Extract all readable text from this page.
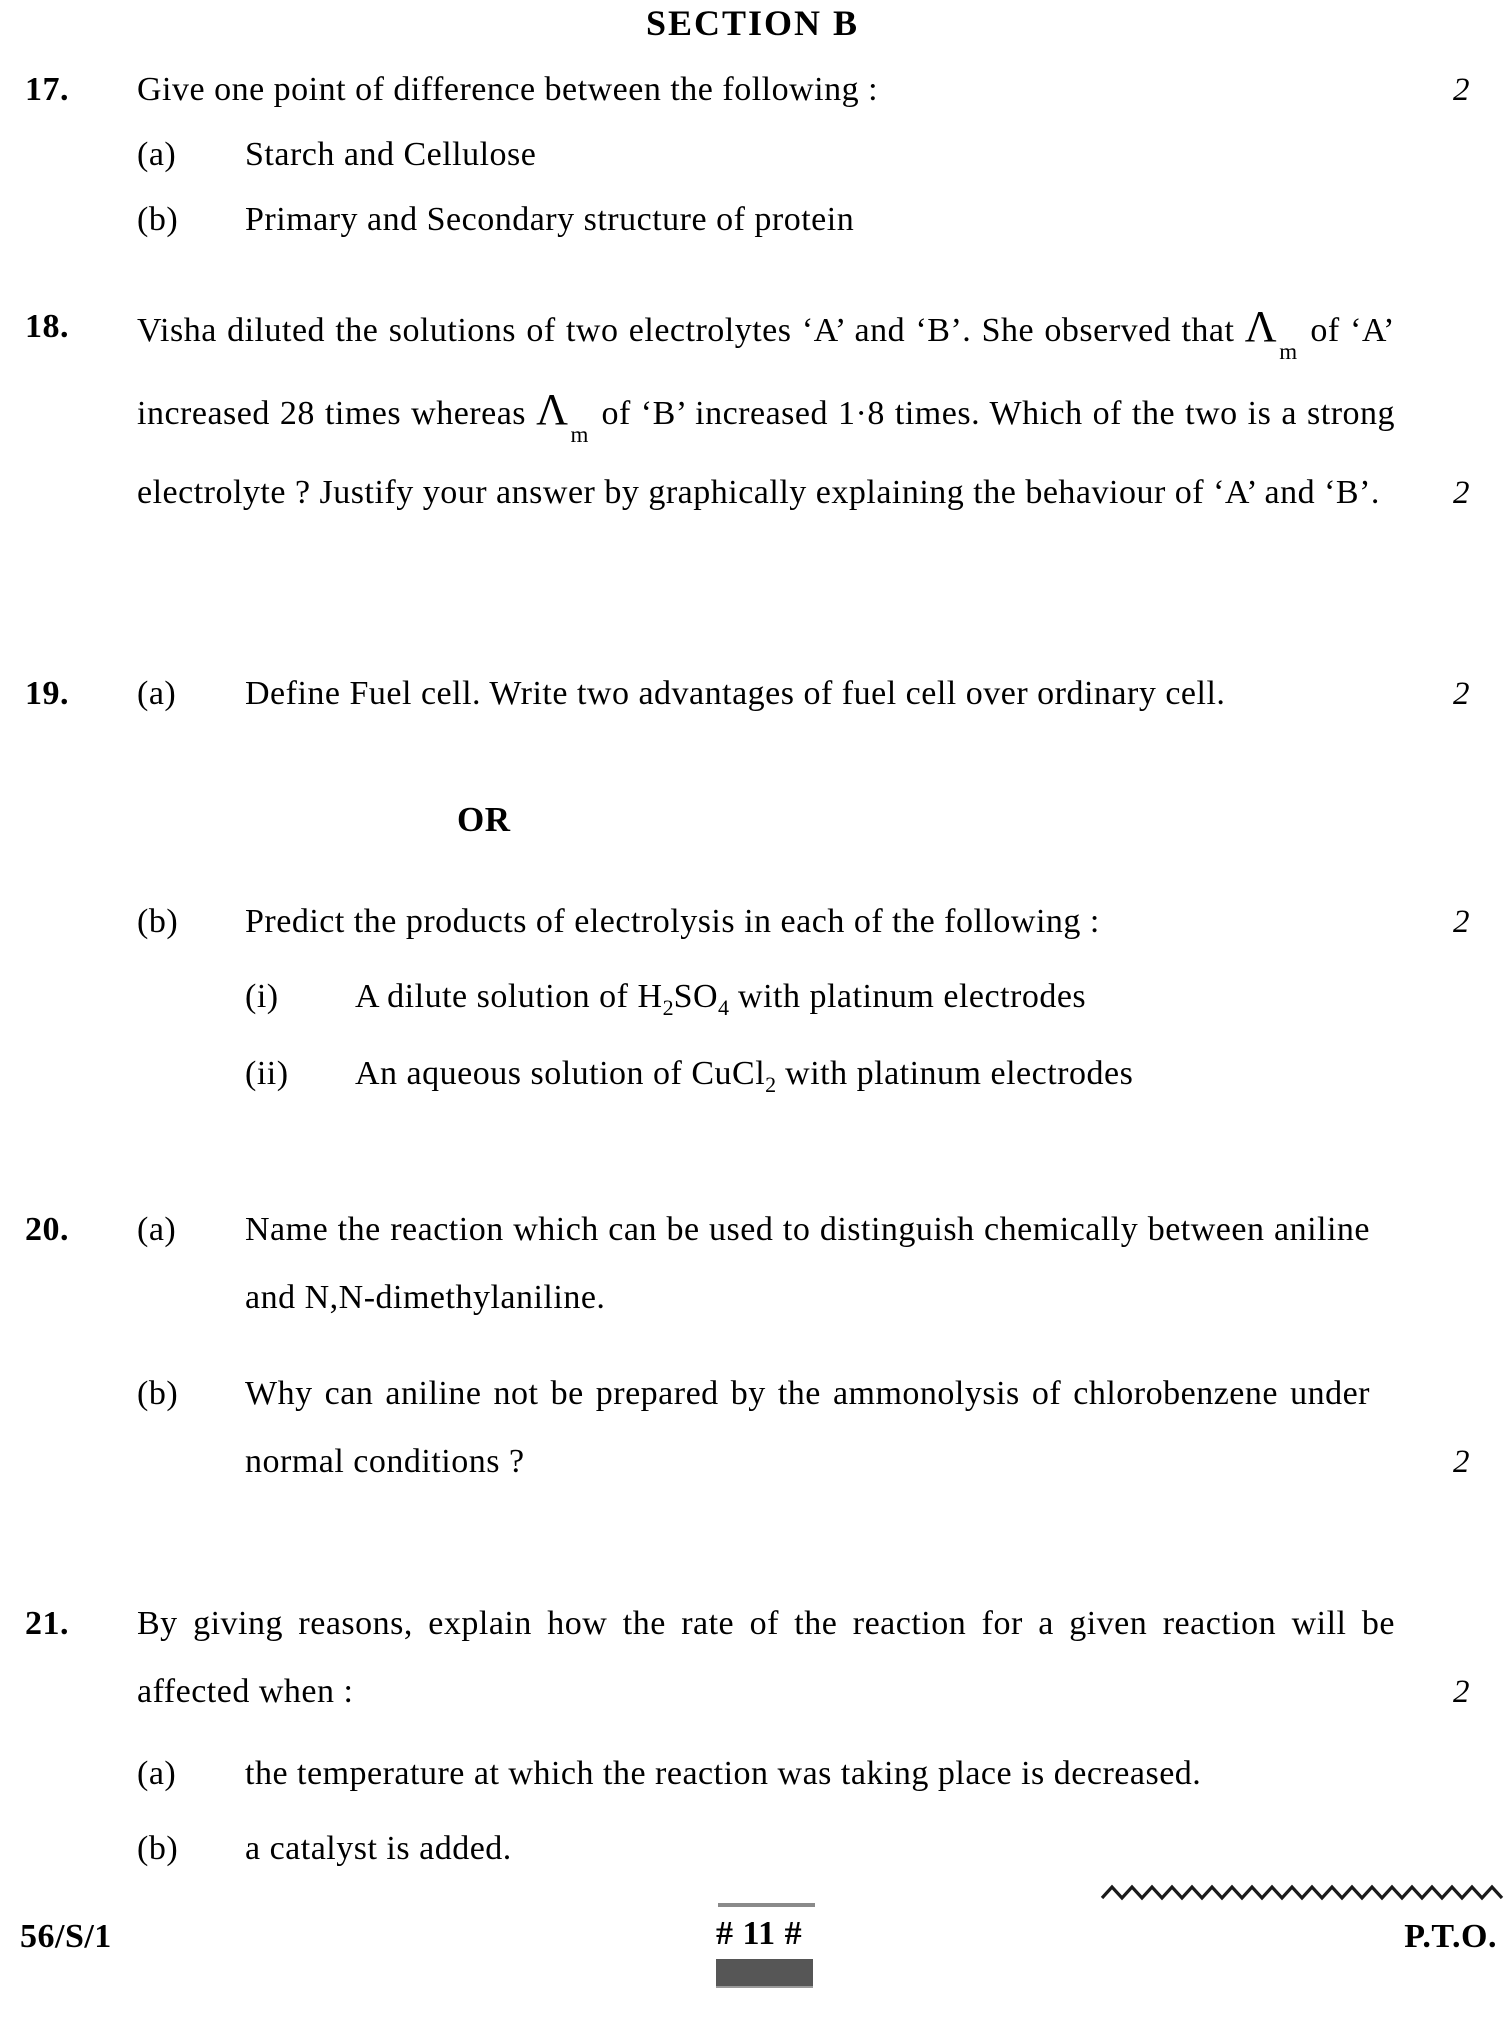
SECTION B
17. Give one point of difference between the following :	2
(a) Starch and Cellulose
(b) Primary and Secondary structure of protein
18. Visha diluted the solutions of two electrolytes ‘A’ and ‘B’. She observed that $\Lambda_m$ of ‘A’ increased 28 times whereas $\Lambda_m$ of ‘B’ increased 1·8 times. Which of the two is a strong electrolyte ? Justify your answer by graphically explaining the behaviour of ‘A’ and ‘B’.	2
19. (a) Define Fuel cell. Write two advantages of fuel cell over ordinary cell.	2
OR
(b) Predict the products of electrolysis in each of the following :	2
(i) A dilute solution of $H_2SO_4$ with platinum electrodes
(ii) An aqueous solution of CuCl$_2$ with platinum electrodes
20. (a) Name the reaction which can be used to distinguish chemically between aniline and N,N-dimethylaniline.
(b) Why can aniline not be prepared by the ammonolysis of chlorobenzene under normal conditions ?	2
21. By giving reasons, explain how the rate of the reaction for a given reaction will be affected when :	2
(a) the temperature at which the reaction was taking place is decreased.
(b) a catalyst is added.
56/S/1	# 11 #	P.T.O.
